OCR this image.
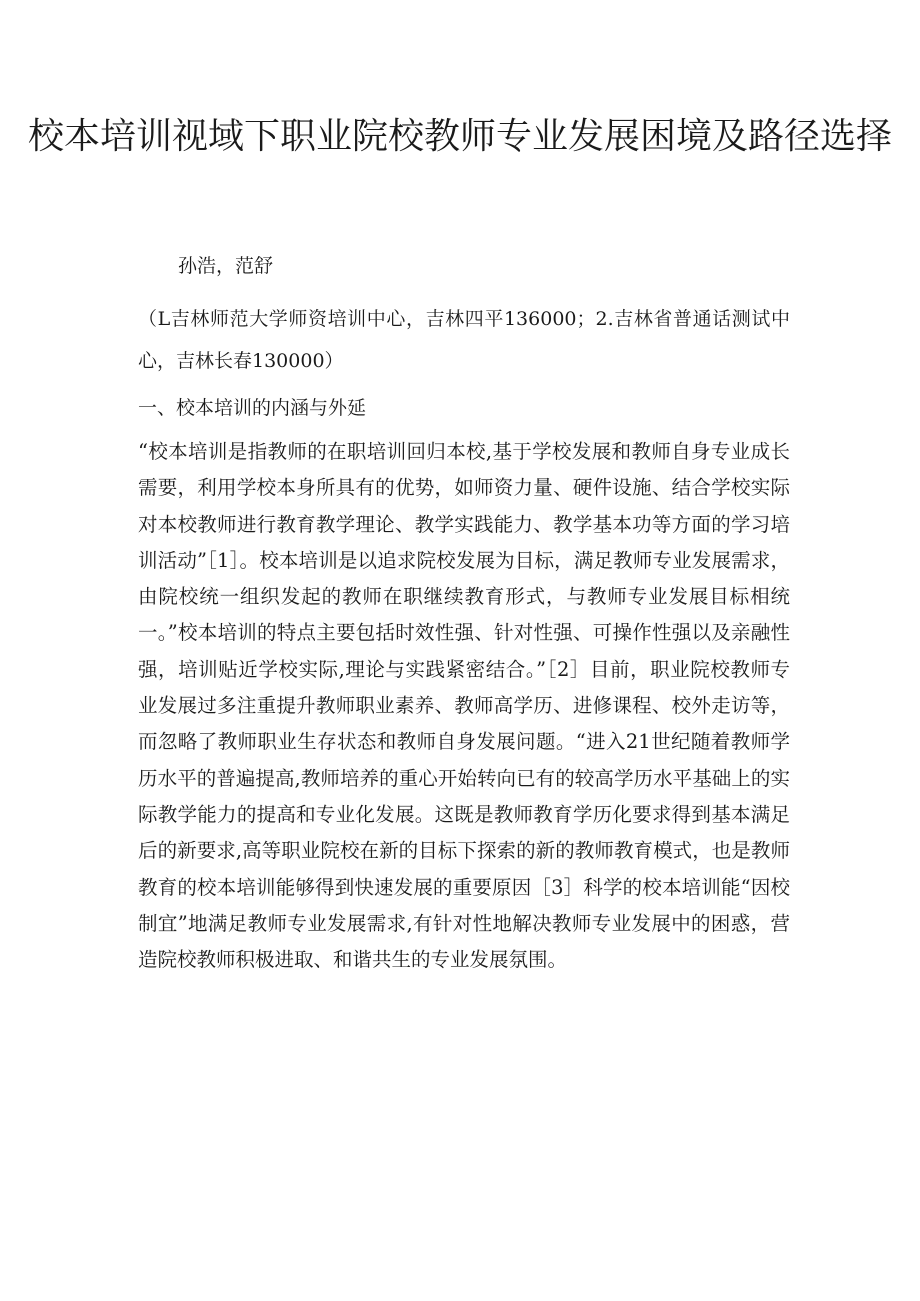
校本培训视域下职业院校教师专业发展困境及路径选择

孙浩，范舒

（L吉林师范大学师资培训中心，吉林四平136000；2.吉林省普通话测试中心，吉林长春130000）

一、校本培训的内涵与外延

“校本培训是指教师的在职培训回归本校,基于学校发展和教师自身专业成长需要，利用学校本身所具有的优势，如师资力量、硬件设施、结合学校实际对本校教师进行教育教学理论、教学实践能力、教学基本功等方面的学习培训活动”［1］。校本培训是以追求院校发展为目标，满足教师专业发展需求，由院校统一组织发起的教师在职继续教育形式，与教师专业发展目标相统一。”校本培训的特点主要包括时效性强、针对性强、可操作性强以及亲融性强，培训贴近学校实际,理论与实践紧密结合。”［2］目前，职业院校教师专业发展过多注重提升教师职业素养、教师高学历、进修课程、校外走访等，而忽略了教师职业生存状态和教师自身发展问题。“进入21世纪随着教师学历水平的普遍提高,教师培养的重心开始转向已有的较高学历水平基础上的实际教学能力的提高和专业化发展。这既是教师教育学历化要求得到基本满足后的新要求,高等职业院校在新的目标下探索的新的教师教育模式，也是教师教育的校本培训能够得到快速发展的重要原因［3］科学的校本培训能“因校制宜”地满足教师专业发展需求,有针对性地解决教师专业发展中的困惑，营造院校教师积极进取、和谐共生的专业发展氛围。
